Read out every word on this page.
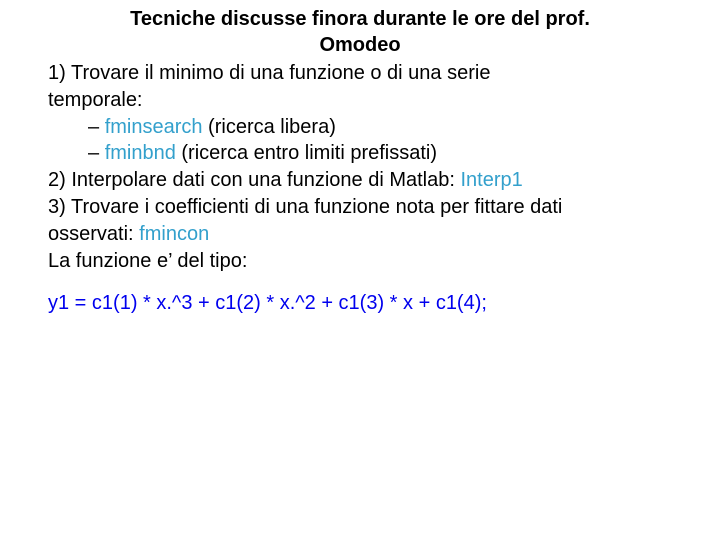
Tecniche discusse finora durante le ore del prof.
Omodeo
1) Trovare il minimo di una funzione o di una serie
temporale:
– fminsearch (ricerca libera)
– fminbnd (ricerca entro limiti prefissati)
2) Interpolare dati con una funzione di Matlab: Interp1
3) Trovare i coefficienti di una funzione nota per fittare dati
osservati: fmincon
La funzione e’ del tipo:
y1 = c1(1) * x.^3 + c1(2) * x.^2 + c1(3) * x + c1(4);
